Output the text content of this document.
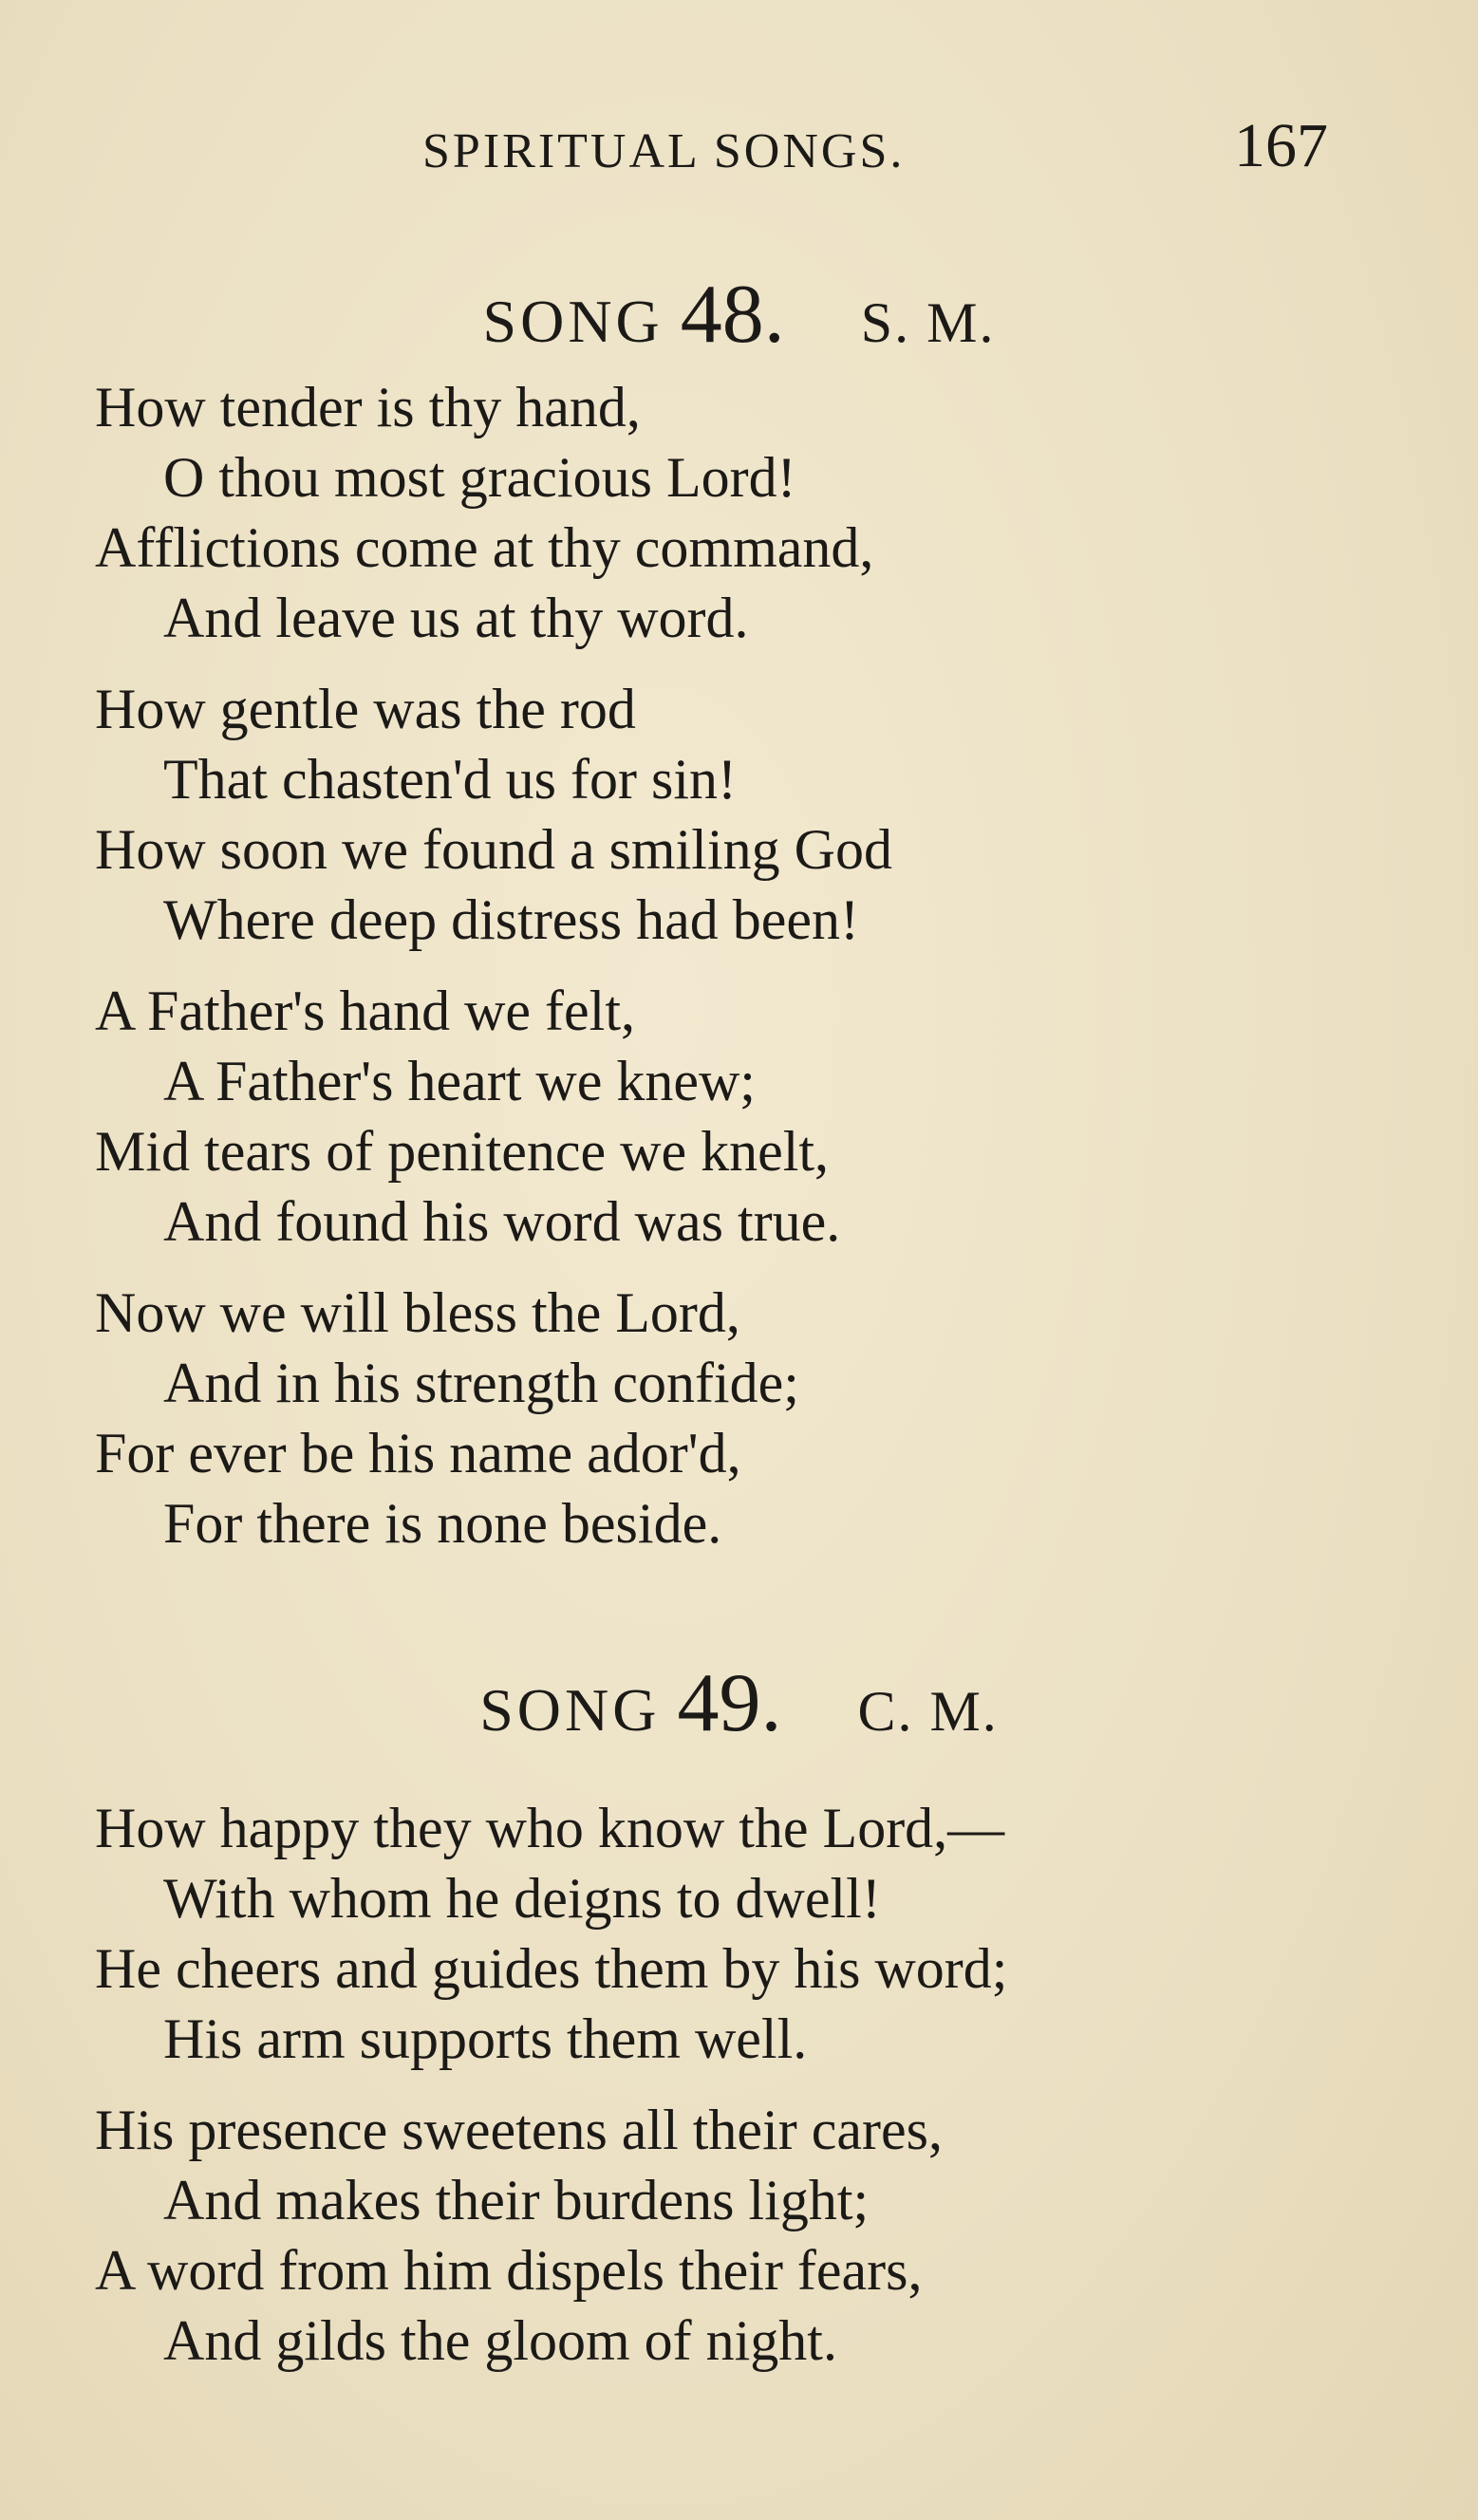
SPIRITUAL SONGS.	167
SONG 48. S. M.
How tender is thy hand,
O thou most gracious Lord!
Afflictions come at thy command,
And leave us at thy word.
How gentle was the rod
That chasten'd us for sin!
How soon we found a smiling God
Where deep distress had been!
A Father's hand we felt,
A Father's heart we knew;
Mid tears of penitence we knelt,
And found his word was true.
Now we will bless the Lord,
And in his strength confide;
For ever be his name ador'd,
For there is none beside.
SONG 49. C. M.
How happy they who know the Lord,—
With whom he deigns to dwell!
He cheers and guides them by his word;
His arm supports them well.
His presence sweetens all their cares,
And makes their burdens light;
A word from him dispels their fears,
And gilds the gloom of night.
